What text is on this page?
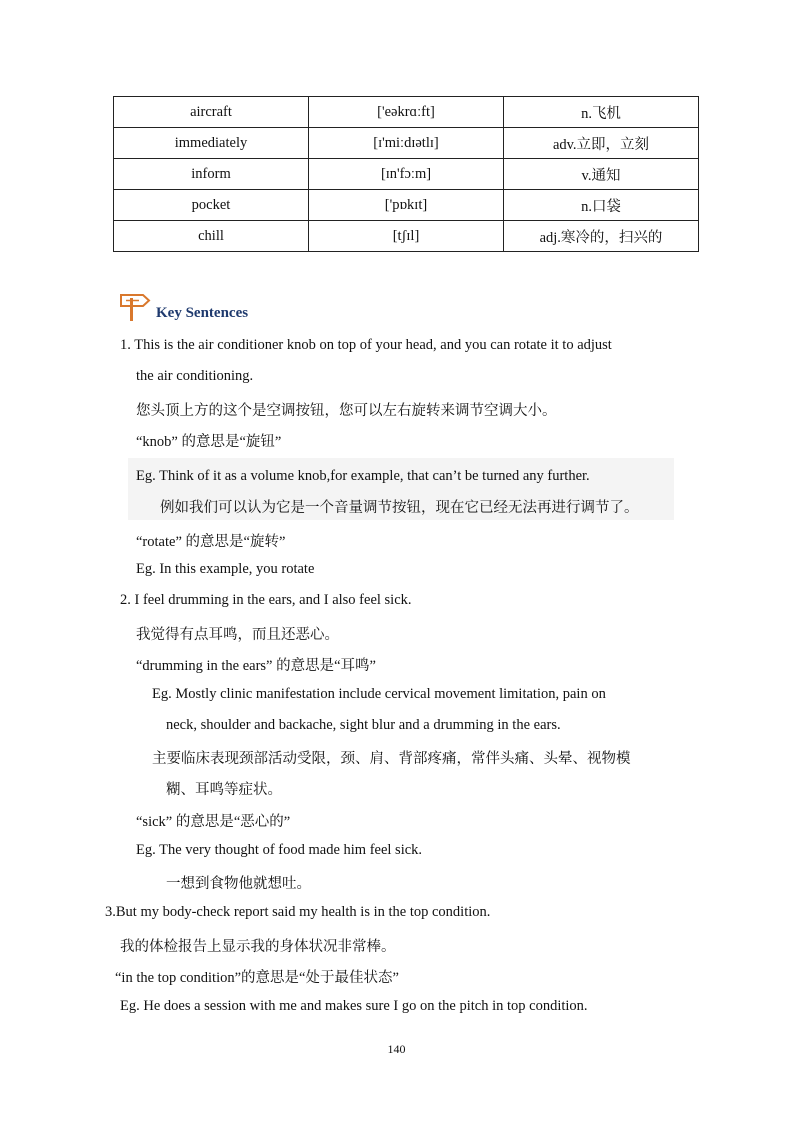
aircraft	['eəkrɑːft]	n.飞机
immediately	[ɪ'miːdɪətlɪ]	adv.立即，立刻
inform	[ɪn'fɔːm]	v.通知
pocket	['pɒkɪt]	n.口袋
chill	[tʃɪl]	adj.寒冷的，扫兴的
Key Sentences
1. This is the air conditioner knob on top of your head, and you can rotate it to adjust
the air conditioning.
您头顶上方的这个是空调按钮，您可以左右旋转来调节空调大小。
“knob” 的意思是“旋钮”
Eg. Think of it as a volume knob,for example, that can’t be turned any further.
例如我们可以认为它是一个音量调节按钮，现在它已经无法再进行调节了。
“rotate” 的意思是“旋转”
Eg. In this example, you rotate
2. I feel drumming in the ears, and I also feel sick.
我觉得有点耳鸣，而且还恶心。
“drumming in the ears” 的意思是“耳鸣”
Eg. Mostly clinic manifestation include cervical movement limitation, pain on
neck, shoulder and backache, sight blur and a drumming in the ears.
主要临床表现颈部活动受限，颈、肩、背部疼痛，常伴头痛、头晕、视物模
糊、耳鸣等症状。
“sick” 的意思是“恶心的”
Eg. The very thought of food made him feel sick.
一想到食物他就想吐。
3.But my body-check report said my health is in the top condition.
我的体检报告上显示我的身体状况非常棒。
“in the top condition”的意思是“处于最佳状态”
Eg. He does a session with me and makes sure I go on the pitch in top condition.
140
